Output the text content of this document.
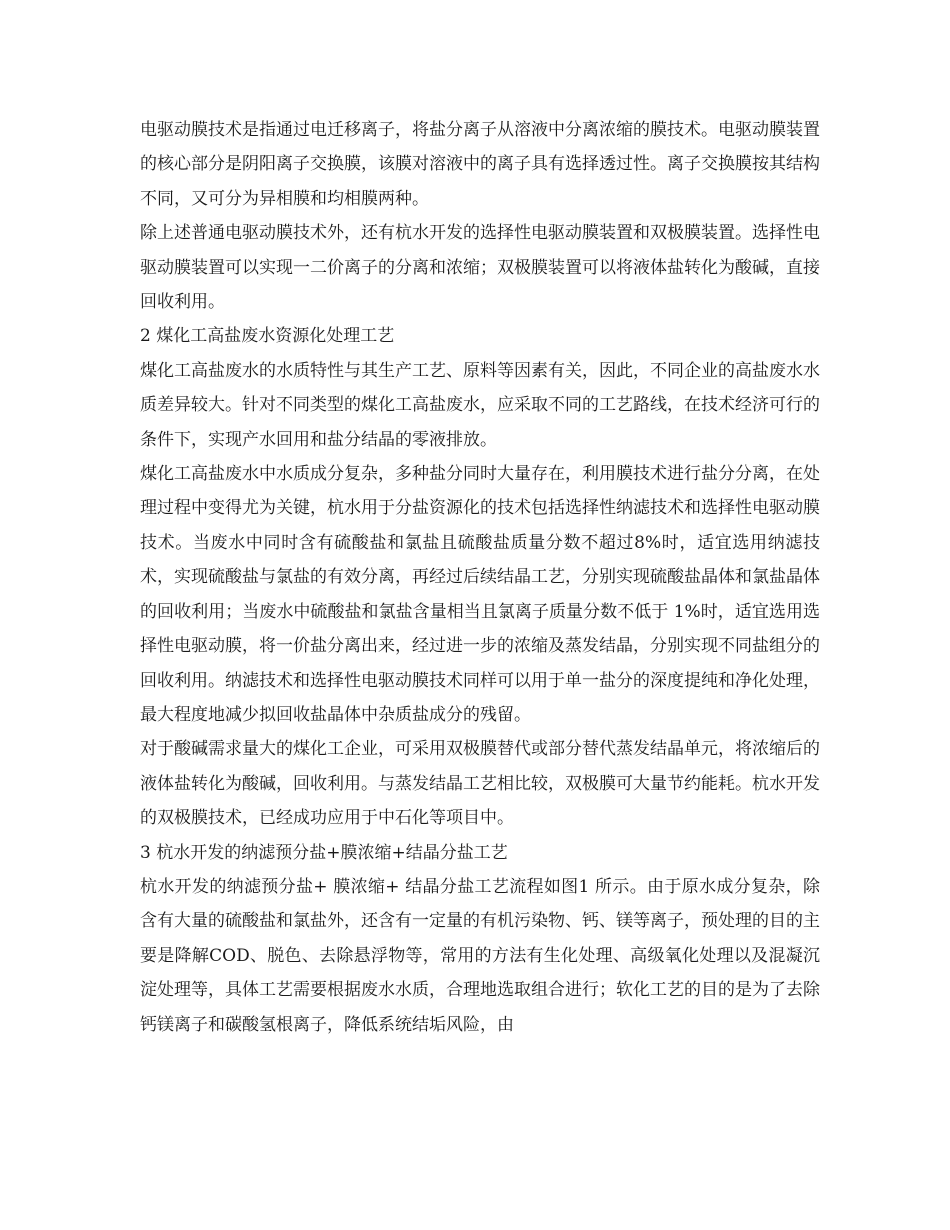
电驱动膜技术是指通过电迁移离子，将盐分离子从溶液中分离浓缩的膜技术。电驱动膜装置的核心部分是阴阳离子交换膜，该膜对溶液中的离子具有选择透过性。离子交换膜按其结构不同，又可分为异相膜和均相膜两种。

除上述普通电驱动膜技术外，还有杭水开发的选择性电驱动膜装置和双极膜装置。选择性电驱动膜装置可以实现一二价离子的分离和浓缩；双极膜装置可以将液体盐转化为酸碱，直接回收利用。

2 煤化工高盐废水资源化处理工艺

煤化工高盐废水的水质特性与其生产工艺、原料等因素有关，因此，不同企业的高盐废水水质差异较大。针对不同类型的煤化工高盐废水，应采取不同的工艺路线，在技术经济可行的条件下，实现产水回用和盐分结晶的零液排放。

煤化工高盐废水中水质成分复杂，多种盐分同时大量存在，利用膜技术进行盐分分离，在处理过程中变得尤为关键，杭水用于分盐资源化的技术包括选择性纳滤技术和选择性电驱动膜技术。当废水中同时含有硫酸盐和氯盐且硫酸盐质量分数不超过8%时，适宜选用纳滤技术，实现硫酸盐与氯盐的有效分离，再经过后续结晶工艺，分别实现硫酸盐晶体和氯盐晶体的回收利用；当废水中硫酸盐和氯盐含量相当且氯离子质量分数不低于 1%时，适宜选用选择性电驱动膜，将一价盐分离出来，经过进一步的浓缩及蒸发结晶，分别实现不同盐组分的回收利用。纳滤技术和选择性电驱动膜技术同样可以用于单一盐分的深度提纯和净化处理，最大程度地减少拟回收盐晶体中杂质盐成分的残留。

对于酸碱需求量大的煤化工企业，可采用双极膜替代或部分替代蒸发结晶单元，将浓缩后的液体盐转化为酸碱，回收利用。与蒸发结晶工艺相比较，双极膜可大量节约能耗。杭水开发的双极膜技术，已经成功应用于中石化等项目中。

3 杭水开发的纳滤预分盐+膜浓缩+结晶分盐工艺

杭水开发的纳滤预分盐+ 膜浓缩+ 结晶分盐工艺流程如图1 所示。由于原水成分复杂，除含有大量的硫酸盐和氯盐外，还含有一定量的有机污染物、钙、镁等离子，预处理的目的主要是降解COD、脱色、去除悬浮物等，常用的方法有生化处理、高级氧化处理以及混凝沉淀处理等，具体工艺需要根据废水水质，合理地选取组合进行；软化工艺的目的是为了去除钙镁离子和碳酸氢根离子，降低系统结垢风险，由
